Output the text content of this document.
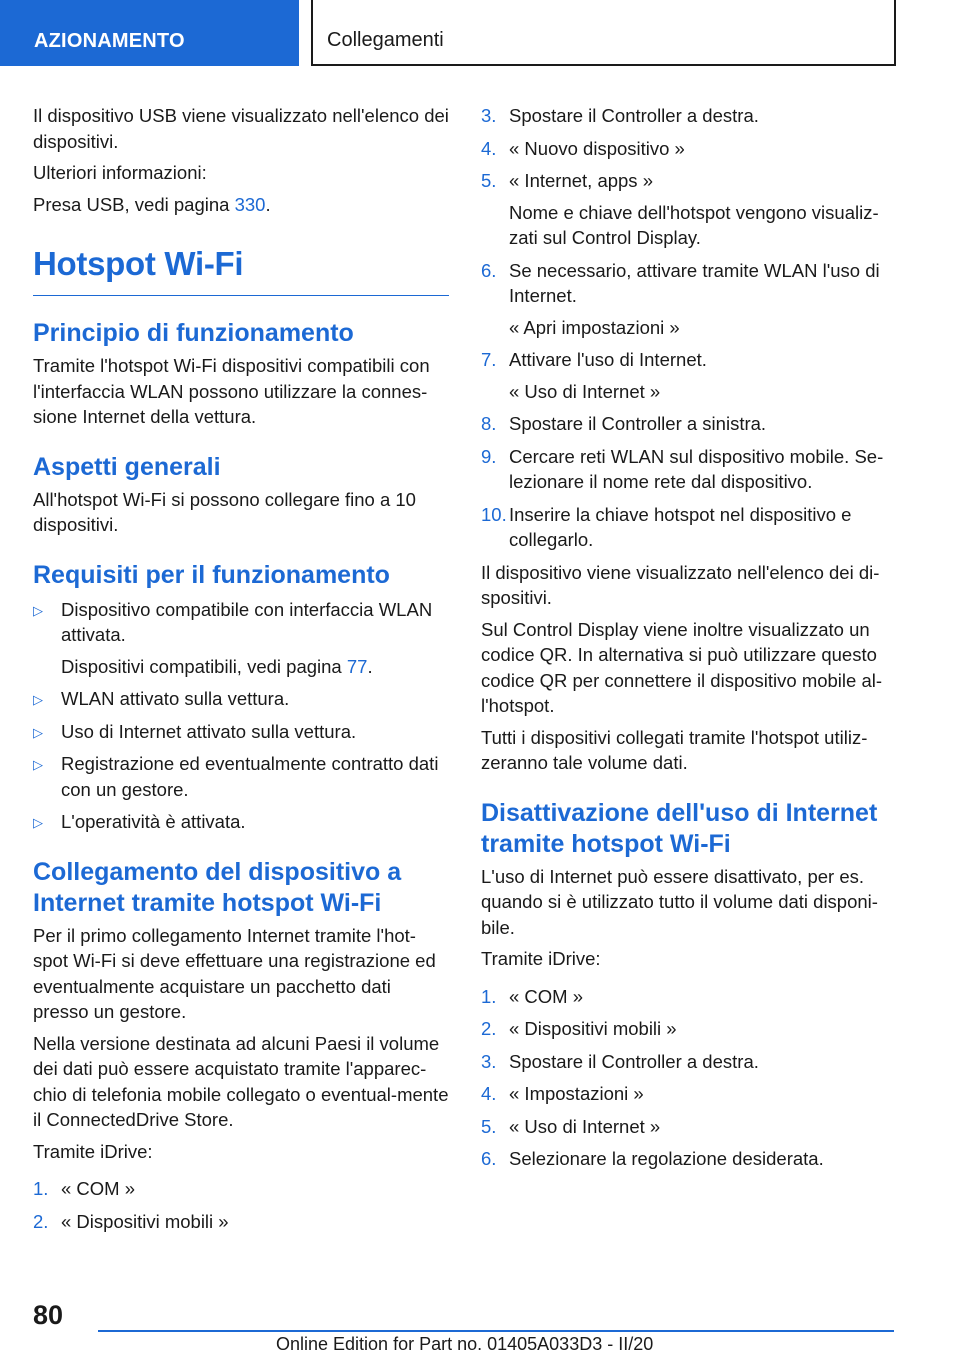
AZIONAMENTO	Collegamenti

Il dispositivo USB viene visualizzato nell'elenco dei dispositivi.

Ulteriori informazioni:

Presa USB, vedi pagina 330.

Hotspot Wi-Fi
Principio di funzionamento

Tramite l'hotspot Wi-Fi dispositivi compatibili con l'interfaccia WLAN possono utilizzare la connes‐sione Internet della vettura.

Aspetti generali

All'hotspot Wi-Fi si possono collegare fino a 10 dispositivi.

Requisiti per il funzionamento
▷ Dispositivo compatibile con interfaccia WLAN attivata.
Dispositivi compatibili, vedi pagina 77.
▷ WLAN attivato sulla vettura.
▷ Uso di Internet attivato sulla vettura.
▷ Registrazione ed eventualmente contratto dati con un gestore.
▷ L'operatività è attivata.
Collegamento del dispositivo a Internet tramite hotspot Wi-Fi

Per il primo collegamento Internet tramite l'hot‐spot Wi-Fi si deve effettuare una registrazione ed eventualmente acquistare un pacchetto dati presso un gestore.

Nella versione destinata ad alcuni Paesi il volume dei dati può essere acquistato tramite l'apparec‐chio di telefonia mobile collegato o eventual‐mente il ConnectedDrive Store.

Tramite iDrive:

1. « COM »
2. « Dispositivi mobili »
3. Spostare il Controller a destra.
4. « Nuovo dispositivo »
5. « Internet, apps »
Nome e chiave dell'hotspot vengono visualiz‐zati sul Control Display.
6. Se necessario, attivare tramite WLAN l'uso di Internet.
« Apri impostazioni »
7. Attivare l'uso di Internet.
« Uso di Internet »
8. Spostare il Controller a sinistra.
9. Cercare reti WLAN sul dispositivo mobile. Se‐lezionare il nome rete dal dispositivo.
10. Inserire la chiave hotspot nel dispositivo e collegarlo.

Il dispositivo viene visualizzato nell'elenco dei di‐spositivi.

Sul Control Display viene inoltre visualizzato un codice QR. In alternativa si può utilizzare questo codice QR per connettere il dispositivo mobile al‐l'hotspot.

Tutti i dispositivi collegati tramite l'hotspot utiliz‐zeranno tale volume dati.

Disattivazione dell'uso di Internet tramite hotspot Wi-Fi

L'uso di Internet può essere disattivato, per es. quando si è utilizzato tutto il volume dati disponi‐bile.

Tramite iDrive:

1. « COM »
2. « Dispositivi mobili »
3. Spostare il Controller a destra.
4. « Impostazioni »
5. « Uso di Internet »
6. Selezionare la regolazione desiderata.
80
Online Edition for Part no. 01405A033D3 - II/20
